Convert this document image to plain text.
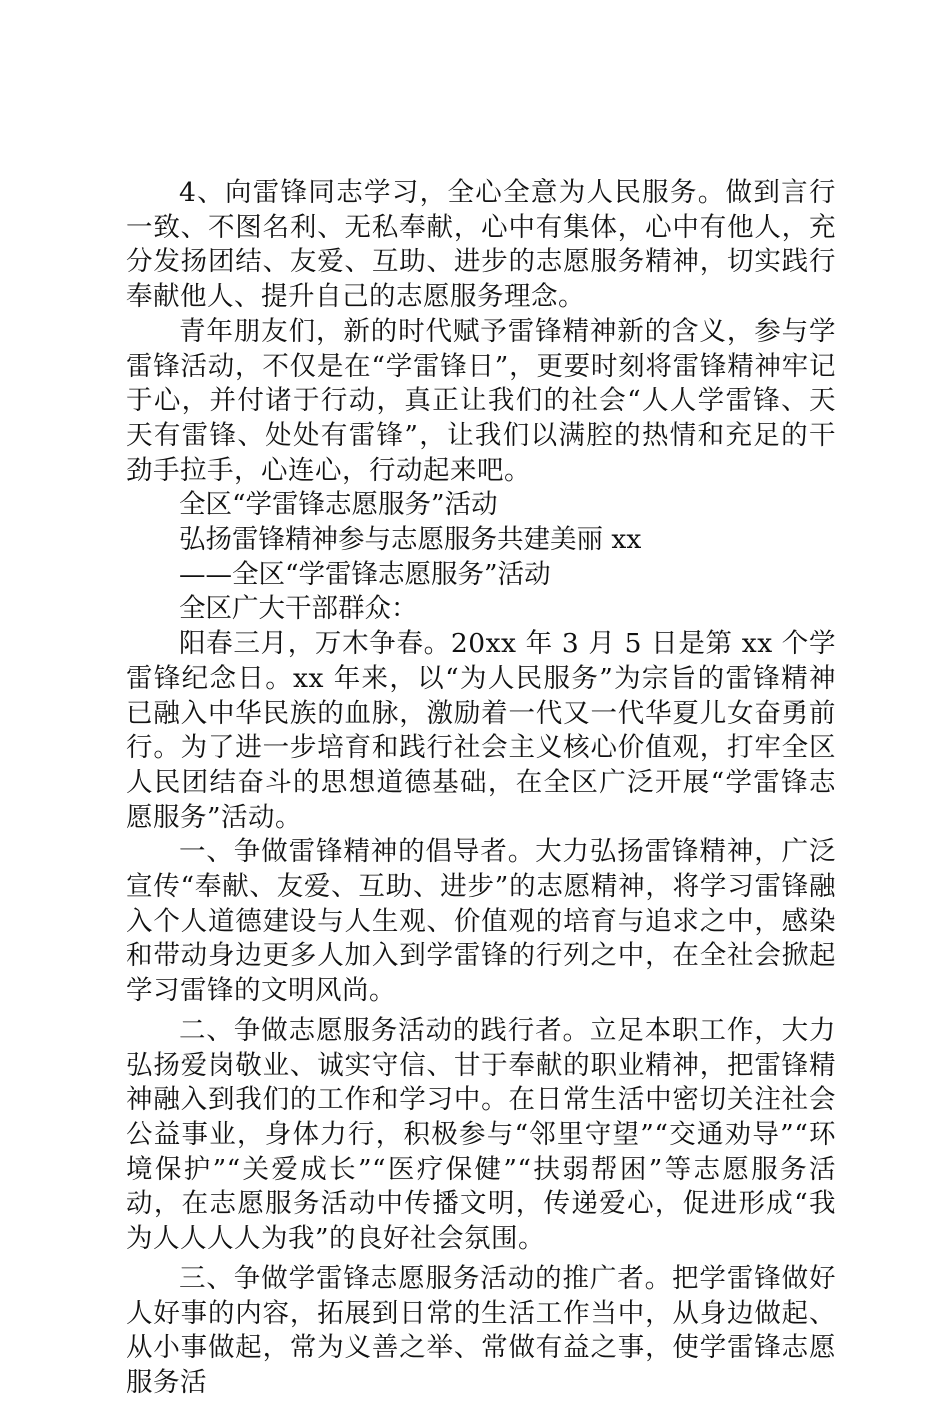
4、向雷锋同志学习，全心全意为人民服务。做到言行一致、不图名利、无私奉献，心中有集体，心中有他人，充分发扬团结、友爱、互助、进步的志愿服务精神，切实践行奉献他人、提升自己的志愿服务理念。

青年朋友们，新的时代赋予雷锋精神新的含义，参与学雷锋活动，不仅是在“学雷锋日”，更要时刻将雷锋精神牢记于心，并付诸于行动，真正让我们的社会“人人学雷锋、天天有雷锋、处处有雷锋”，让我们以满腔的热情和充足的干劲手拉手，心连心，行动起来吧。

全区“学雷锋志愿服务”活动

弘扬雷锋精神参与志愿服务共建美丽 xx

——全区“学雷锋志愿服务”活动

全区广大干部群众：

阳春三月，万木争春。20xx 年 3 月 5 日是第 xx 个学雷锋纪念日。xx 年来，以“为人民服务”为宗旨的雷锋精神已融入中华民族的血脉，激励着一代又一代华夏儿女奋勇前行。为了进一步培育和践行社会主义核心价值观，打牢全区人民团结奋斗的思想道德基础，在全区广泛开展“学雷锋志愿服务”活动。

一、争做雷锋精神的倡导者。大力弘扬雷锋精神，广泛宣传“奉献、友爱、互助、进步”的志愿精神，将学习雷锋融入个人道德建设与人生观、价值观的培育与追求之中，感染和带动身边更多人加入到学雷锋的行列之中，在全社会掀起学习雷锋的文明风尚。

二、争做志愿服务活动的践行者。立足本职工作，大力弘扬爱岗敬业、诚实守信、甘于奉献的职业精神，把雷锋精神融入到我们的工作和学习中。在日常生活中密切关注社会公益事业，身体力行，积极参与“邻里守望”“交通劝导”“环境保护”“关爱成长”“医疗保健”“扶弱帮困”等志愿服务活动，在志愿服务活动中传播文明，传递爱心，促进形成“我为人人人人为我”的良好社会氛围。

三、争做学雷锋志愿服务活动的推广者。把学雷锋做好人好事的内容，拓展到日常的生活工作当中，从身边做起、从小事做起，常为义善之举、常做有益之事，使学雷锋志愿服务活
